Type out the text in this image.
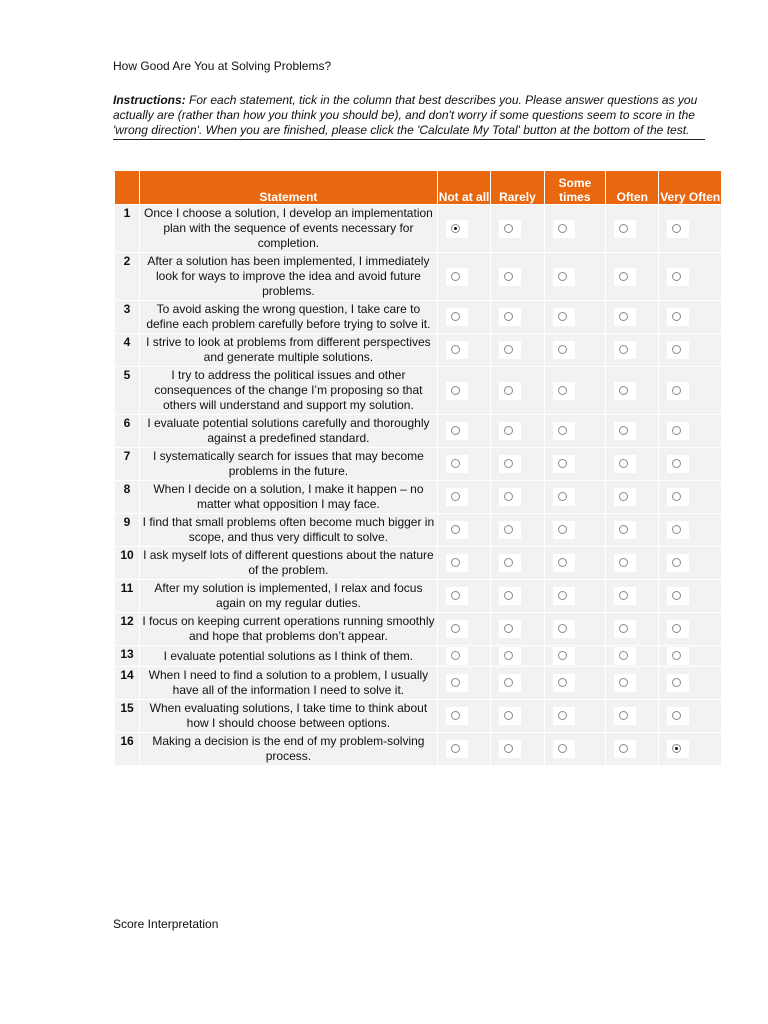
How Good Are You at Solving Problems?
Instructions: For each statement, tick in the column that best describes you. Please answer questions as you actually are (rather than how you think you should be), and don't worry if some questions seem to score in the 'wrong direction'. When you are finished, please click the 'Calculate My Total' button at the bottom of the test.
	Statement	Not at all	Rarely	Some times	Often	Very Often
1	Once I choose a solution, I develop an implementation plan with the sequence of events necessary for completion.	

2	After a solution has been implemented, I immediately look for ways to improve the idea and avoid future problems.	

3	To avoid asking the wrong question, I take care to define each problem carefully before trying to solve it.	

4	I strive to look at problems from different perspectives and generate multiple solutions.	

5	I try to address the political issues and other consequences of the change I’m proposing so that others will understand and support my solution.	

6	I evaluate potential solutions carefully and thoroughly against a predefined standard.	

7	I systematically search for issues that may become problems in the future.	

8	When I decide on a solution, I make it happen – no matter what opposition I may face.	

9	I find that small problems often become much bigger in scope, and thus very difficult to solve.	

10	I ask myself lots of different questions about the nature of the problem.	

11	After my solution is implemented, I relax and focus again on my regular duties.	

12	I focus on keeping current operations running smoothly and hope that problems don’t appear.	

13	I evaluate potential solutions as I think of them.	

14	When I need to find a solution to a problem, I usually have all of the information I need to solve it.	

15	When evaluating solutions, I take time to think about how I should choose between options.	

16	Making a decision is the end of my problem-solving process.	

Score Interpretation
